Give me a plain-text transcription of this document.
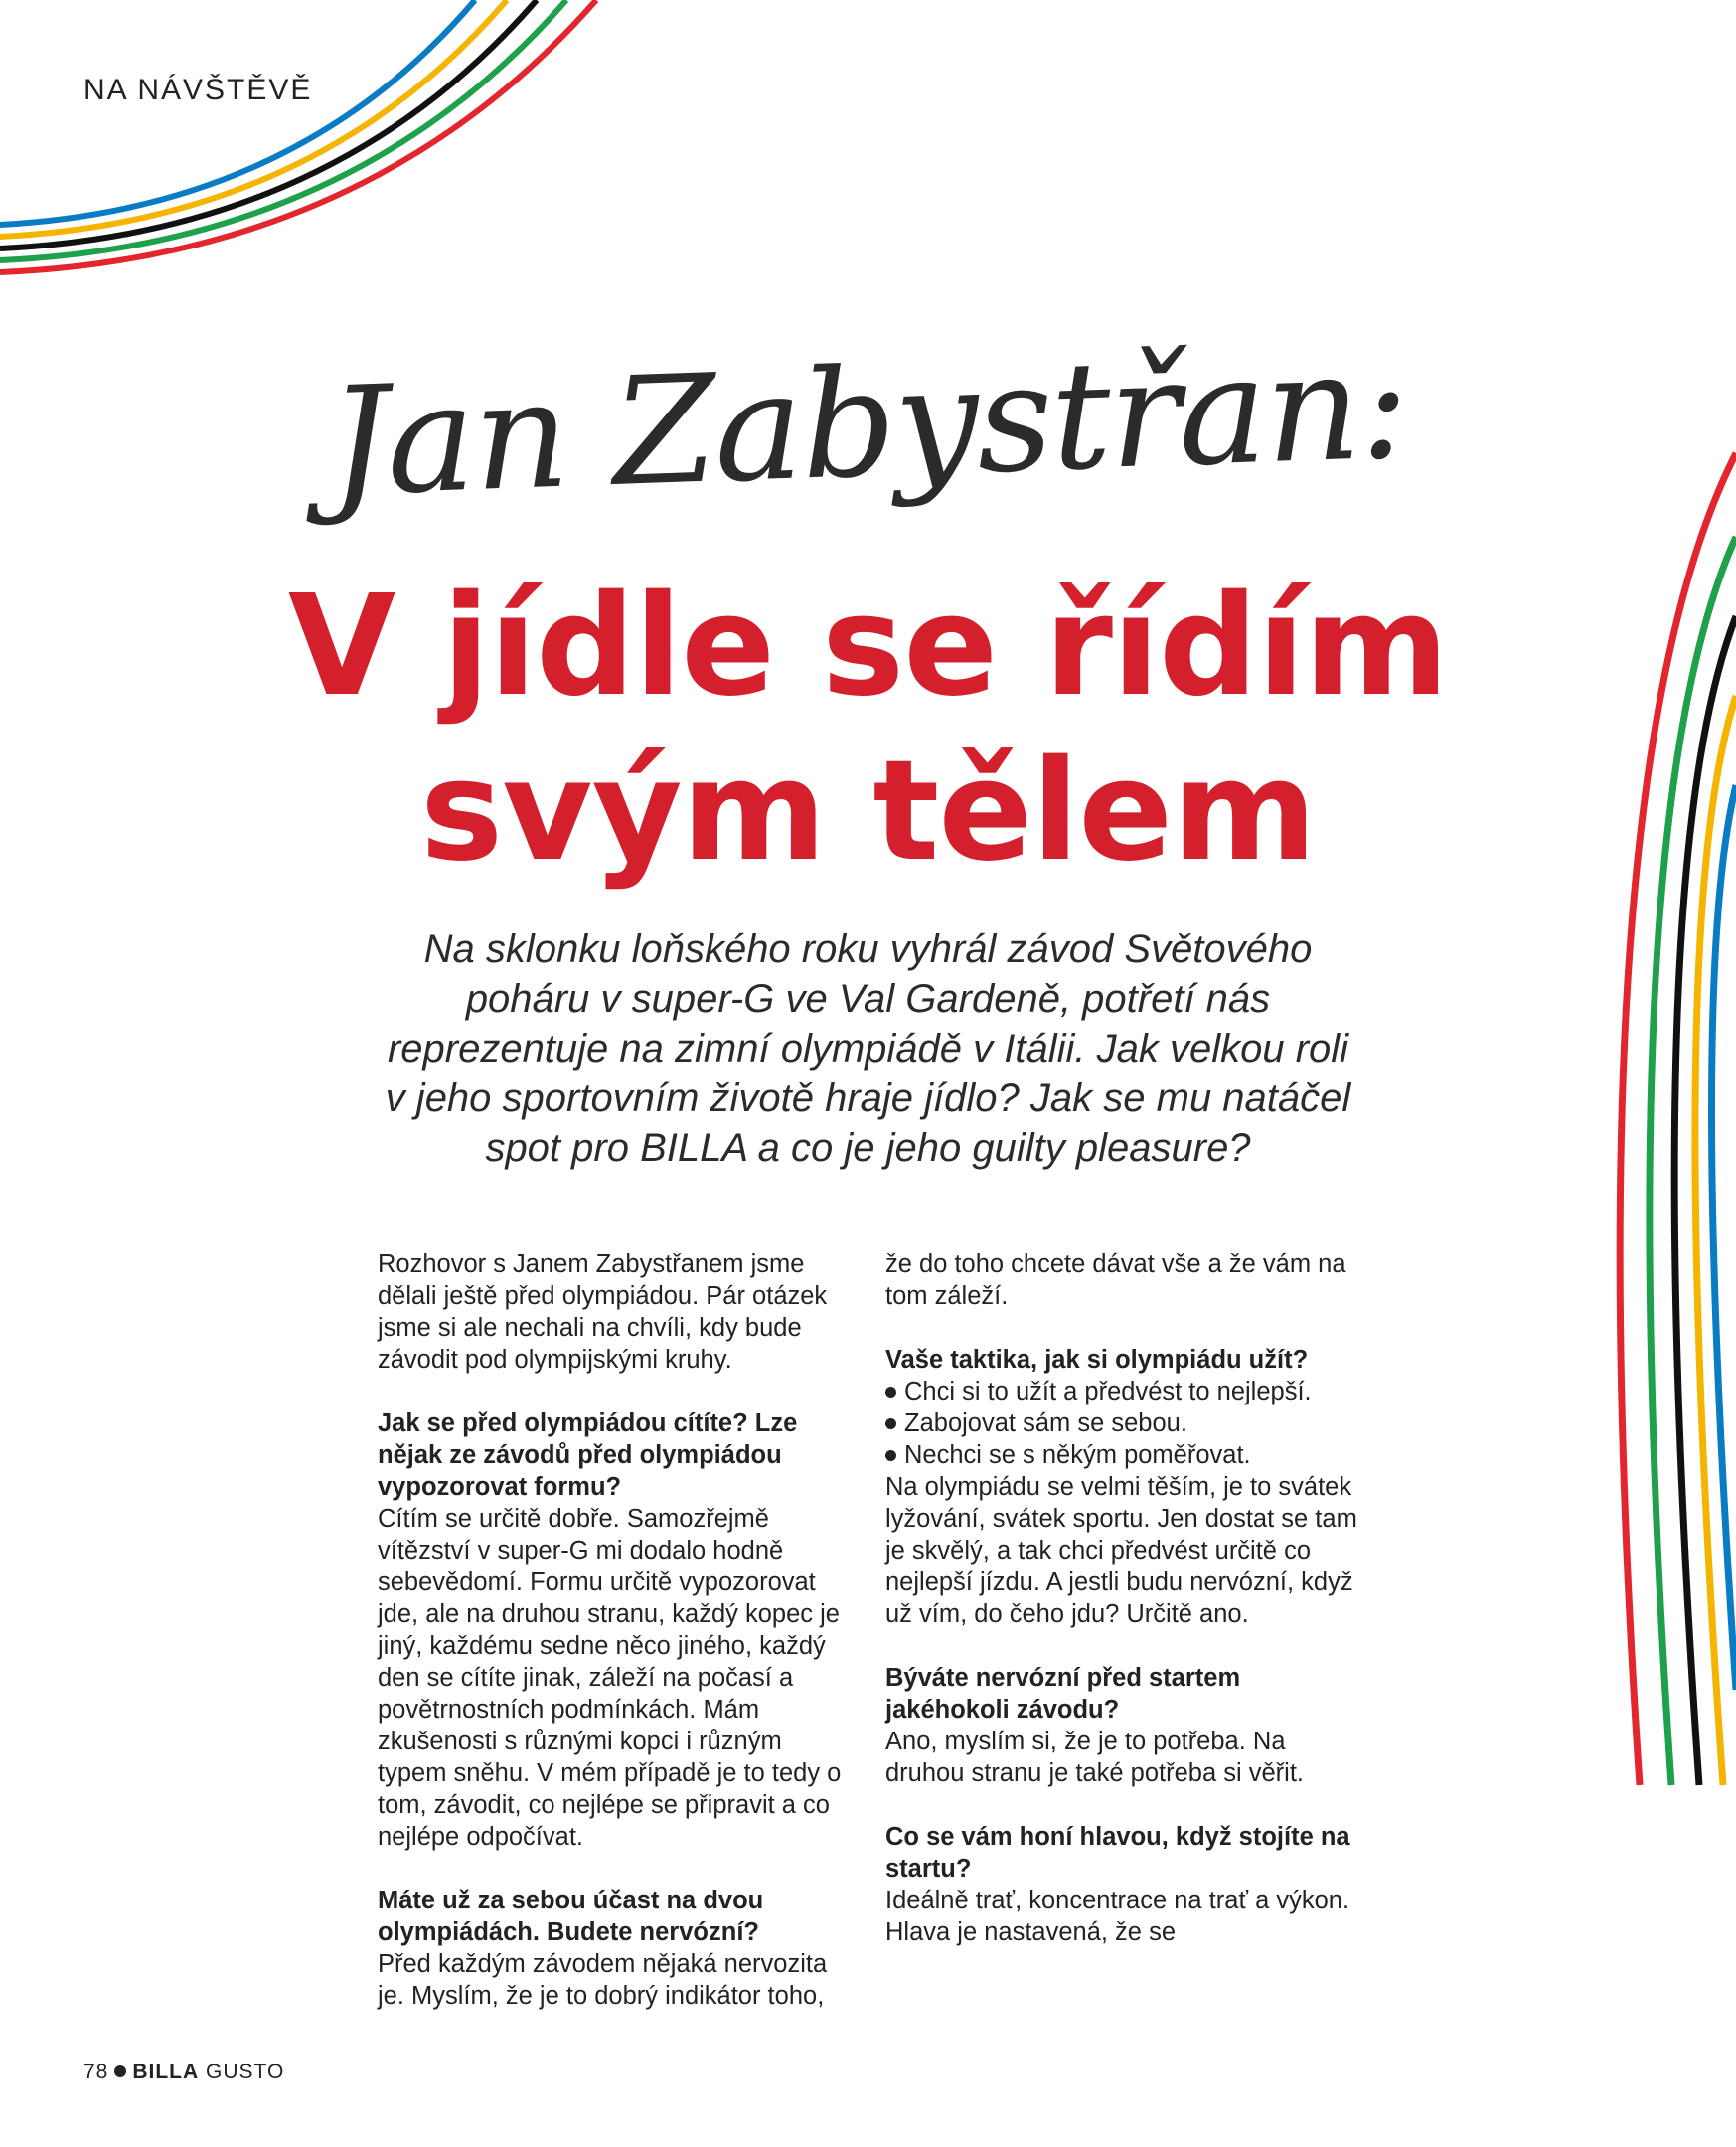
NA NÁVŠTĚVĚ
Jan Zabystřan:
V jídle se řídím
svým tělem
Na sklonku loňského roku vyhrál závod Světového
poháru v super-G ve Val Gardeně, potřetí nás
reprezentuje na zimní olympiádě v Itálii. Jak velkou roli
v jeho sportovním životě hraje jídlo? Jak se mu natáčel
spot pro BILLA a co je jeho guilty pleasure?

Rozhovor s Janem Zabystřanem jsme dělali ještě před olympiádou. Pár otázek jsme si ale nechali na chvíli, kdy bude závodit pod olympijskými kruhy.

Jak se před olympiádou cítíte? Lze nějak ze závodů před olympiádou vypozorovat formu?

Cítím se určitě dobře. Samozřejmě vítězství v super-G mi dodalo hodně sebevědomí. Formu určitě vypozorovat jde, ale na druhou stranu, každý kopec je jiný, každému sedne něco jiného, každý den se cítíte jinak, záleží na počasí a povětrnostních podmínkách. Mám zkušenosti s různými kopci i různým typem sněhu. V mém případě je to tedy o tom, závodit, co nejlépe se připravit a co nejlépe odpočívat.

Máte už za sebou účast na dvou olympiádách. Budete nervózní?

Před každým závodem nějaká nervozita je. Myslím, že je to dobrý indikátor toho,

že do toho chcete dávat vše a že vám na tom záleží.

Vaše taktika, jak si olympiádu užít?

Chci si to užít a předvést to nejlepší.

Zabojovat sám se sebou.

Nechci se s někým poměřovat.

Na olympiádu se velmi těším, je to svátek lyžování, svátek sportu. Jen dostat se tam je skvělý, a tak chci předvést určitě co nejlepší jízdu. A jestli budu nervózní, když už vím, do čeho jdu? Určitě ano.

Býváte nervózní před startem jakéhokoli závodu?

Ano, myslím si, že je to potřeba. Na druhou stranu je také potřeba si věřit.

Co se vám honí hlavou, když stojíte na startu?

Ideálně trať, koncentrace na trať a výkon. Hlava je nastavená, že se

78 BILLA GUSTO
